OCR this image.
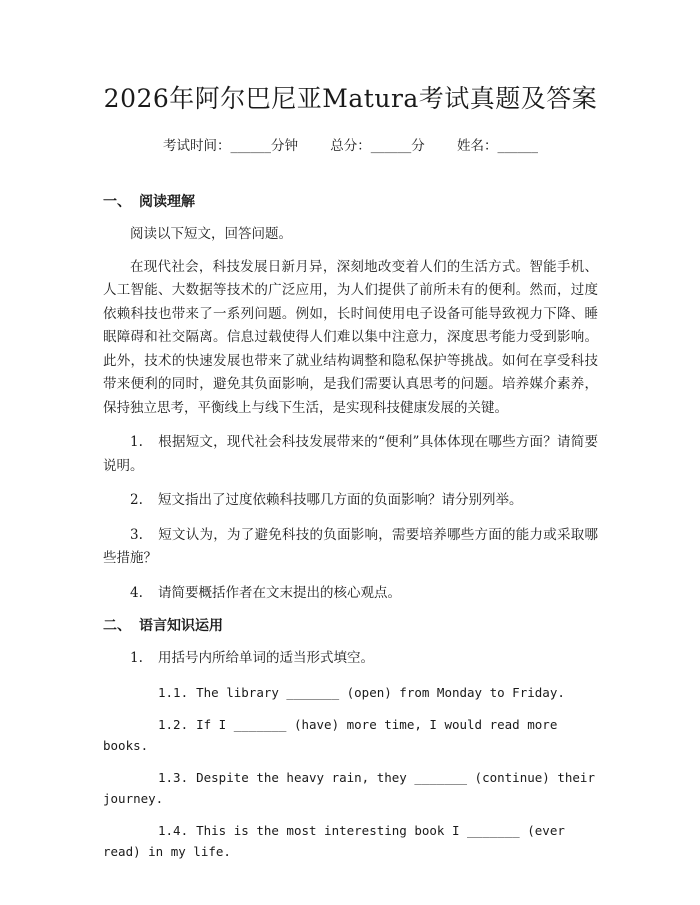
2026年阿尔巴尼亚Matura考试真题及答案
考试时间：______分钟 总分：______分 姓名：______
一、 阅读理解

阅读以下短文，回答问题。

在现代社会，科技发展日新月异，深刻地改变着人们的生活方式。智能手机、人工智能、大数据等技术的广泛应用，为人们提供了前所未有的便利。然而，过度依赖科技也带来了一系列问题。例如，长时间使用电子设备可能导致视力下降、睡眠障碍和社交隔离。信息过载使得人们难以集中注意力，深度思考能力受到影响。此外，技术的快速发展也带来了就业结构调整和隐私保护等挑战。如何在享受科技带来便利的同时，避免其负面影响，是我们需要认真思考的问题。培养媒介素养，保持独立思考，平衡线上与线下生活，是实现科技健康发展的关键。

1. 根据短文，现代社会科技发展带来的“便利”具体体现在哪些方面？请简要说明。

2. 短文指出了过度依赖科技哪几方面的负面影响？请分别列举。

3. 短文认为，为了避免科技的负面影响，需要培养哪些方面的能力或采取哪些措施？

4. 请简要概括作者在文末提出的核心观点。

二、 语言知识运用

1. 用括号内所给单词的适当形式填空。

1.1. The library _______ (open) from Monday to Friday.

1.2. If I _______ (have) more time, I would read more books.

1.3. Despite the heavy rain, they _______ (continue) their journey.

1.4. This is the most interesting book I _______ (ever read) in my life.
